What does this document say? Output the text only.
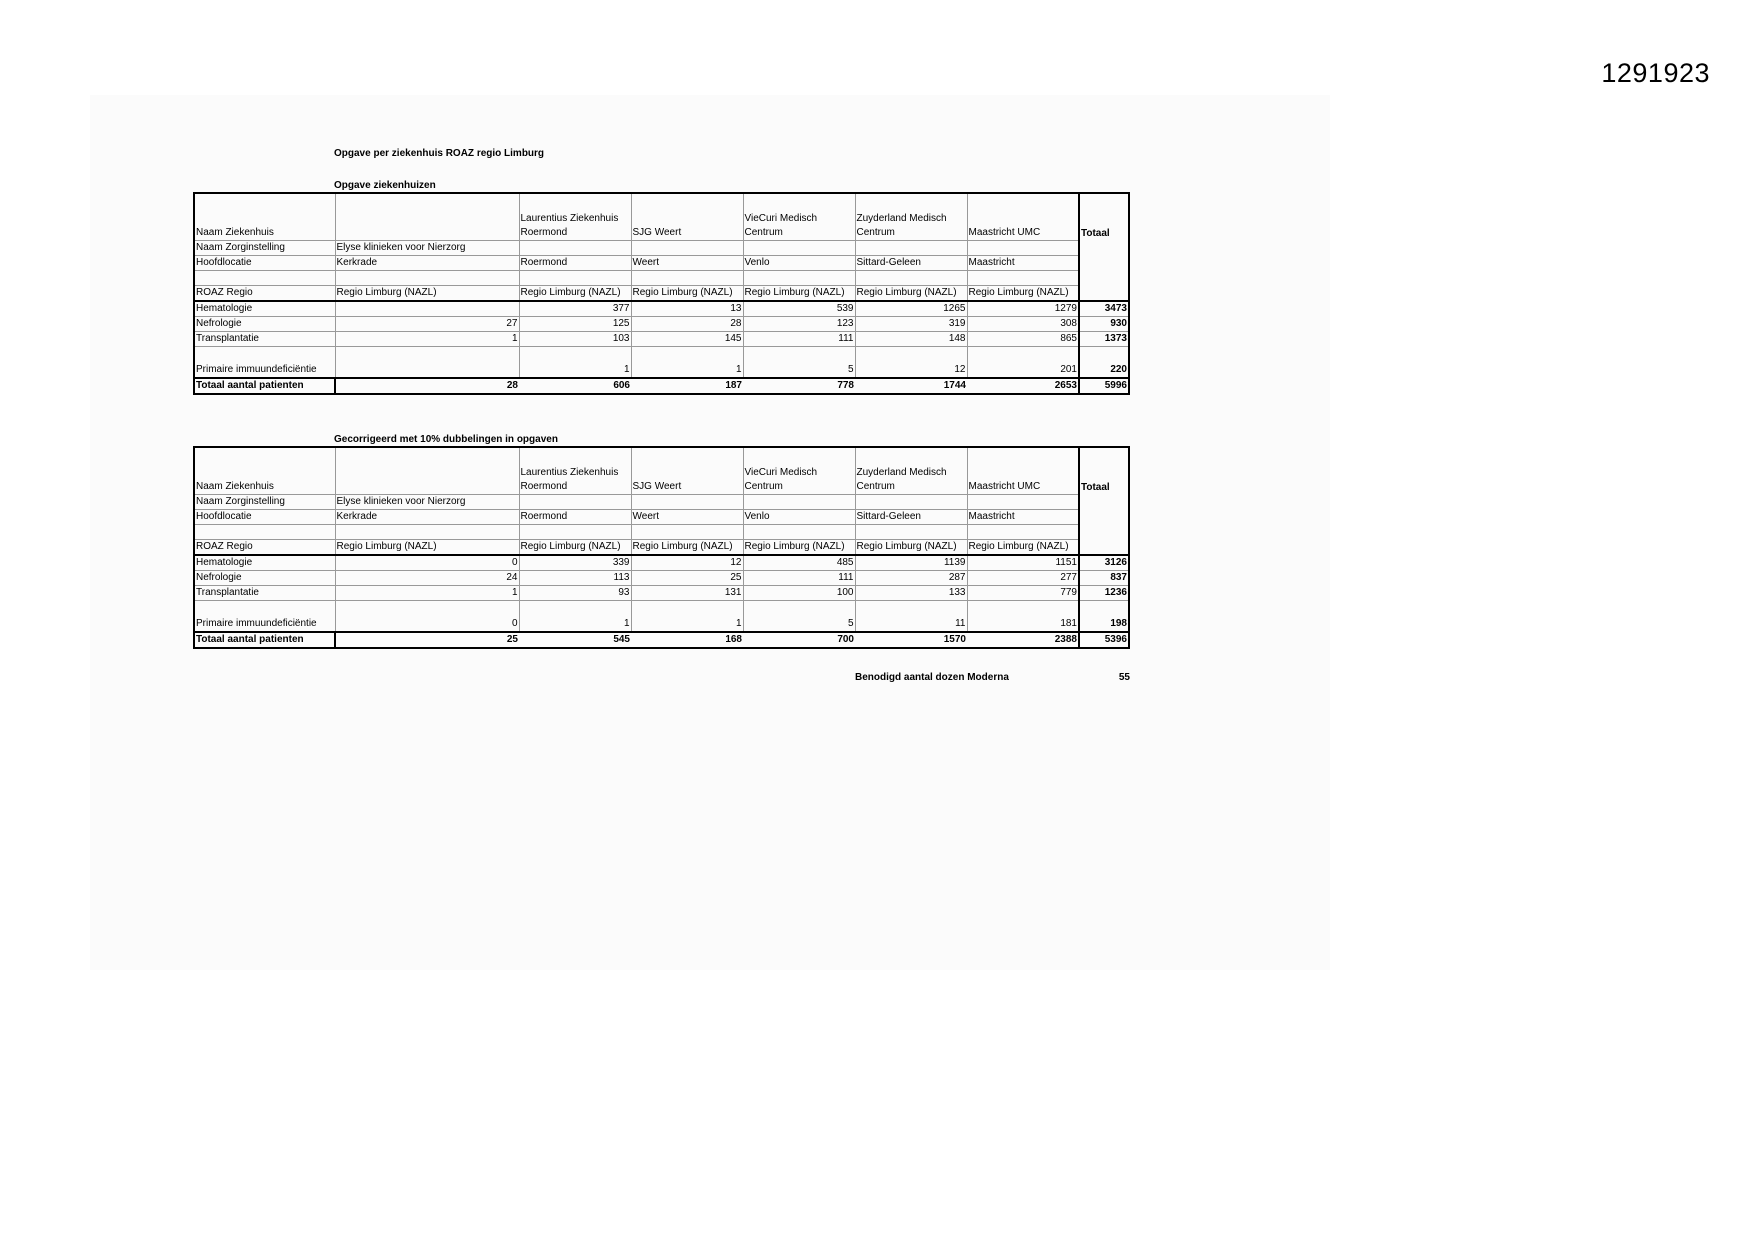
1291923
Opgave per ziekenhuis ROAZ regio Limburg
Opgave ziekenhuizen
Naam Ziekenhuis		Laurentius Ziekenhuis Roermond	SJG Weert	VieCuri Medisch Centrum	Zuyderland Medisch Centrum	Maastricht UMC	Totaal
Naam Zorginstelling	Elyse klinieken voor Nierzorg						
Hoofdlocatie	Kerkrade	Roermond	Weert	Venlo	Sittard-Geleen	Maastricht	

ROAZ Regio	Regio Limburg (NAZL)	Regio Limburg (NAZL)	Regio Limburg (NAZL)	Regio Limburg (NAZL)	Regio Limburg (NAZL)	Regio Limburg (NAZL)	
Hematologie		377	13	539	1265	1279	3473
Nefrologie	27	125	28	123	319	308	930
Transplantatie	1	103	145	111	148	865	1373
Primaire immuundeficiëntie		1	1	5	12	201	220
Totaal aantal patienten	28	606	187	778	1744	2653	5996
Gecorrigeerd met 10% dubbelingen in opgaven
Naam Ziekenhuis		Laurentius Ziekenhuis Roermond	SJG Weert	VieCuri Medisch Centrum	Zuyderland Medisch Centrum	Maastricht UMC	Totaal
Naam Zorginstelling	Elyse klinieken voor Nierzorg						
Hoofdlocatie	Kerkrade	Roermond	Weert	Venlo	Sittard-Geleen	Maastricht	

ROAZ Regio	Regio Limburg (NAZL)	Regio Limburg (NAZL)	Regio Limburg (NAZL)	Regio Limburg (NAZL)	Regio Limburg (NAZL)	Regio Limburg (NAZL)	
Hematologie	0	339	12	485	1139	1151	3126
Nefrologie	24	113	25	111	287	277	837
Transplantatie	1	93	131	100	133	779	1236
Primaire immuundeficiëntie	0	1	1	5	11	181	198
Totaal aantal patienten	25	545	168	700	1570	2388	5396
Benodigd aantal dozen Moderna	55
